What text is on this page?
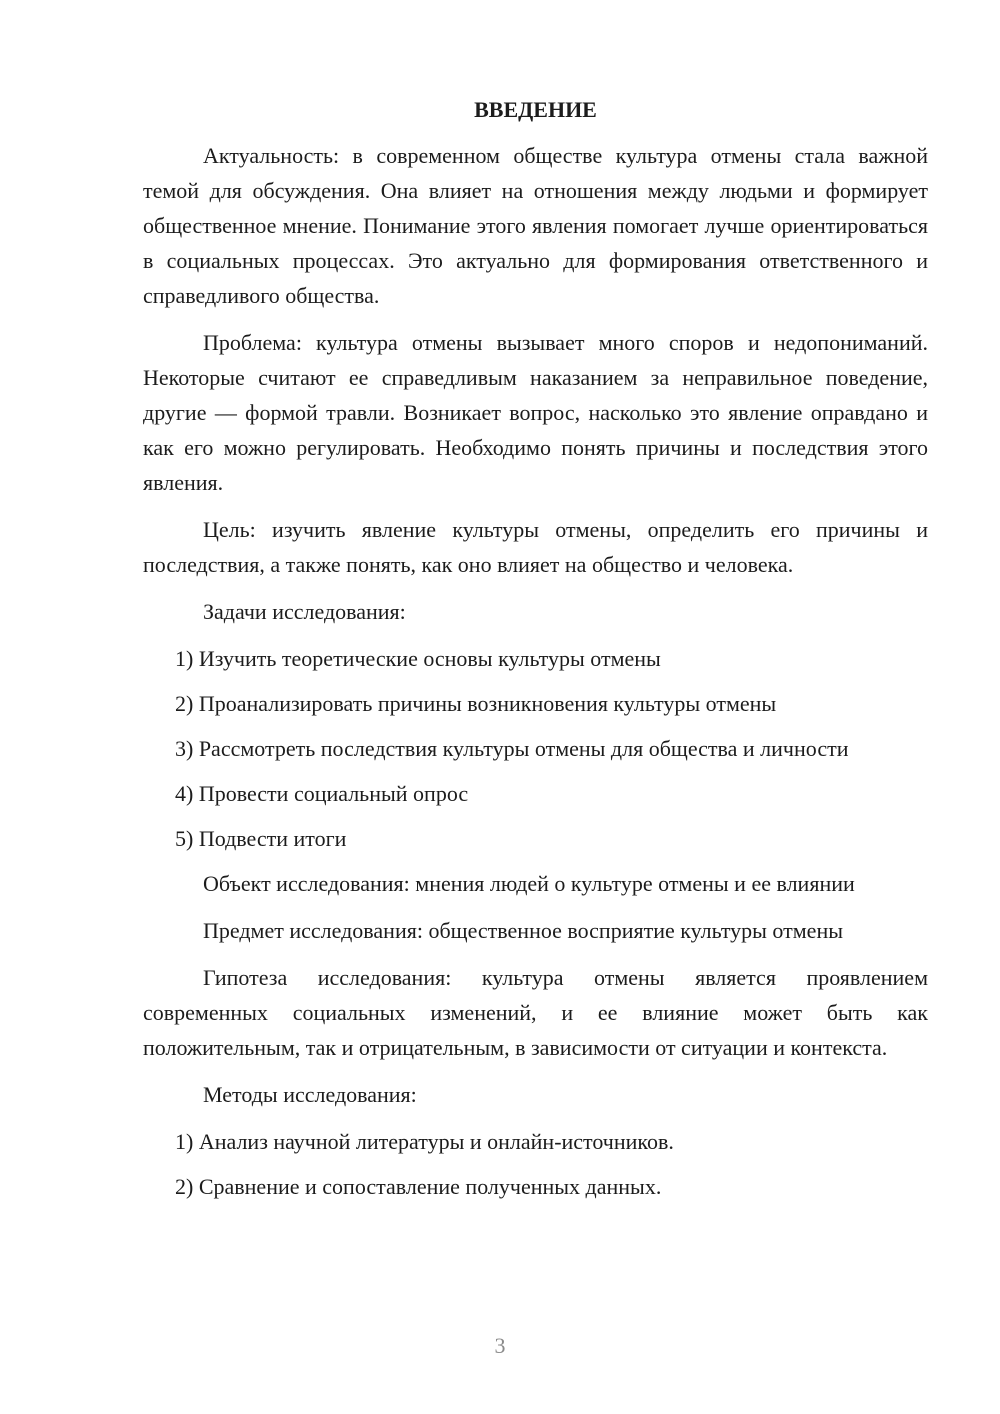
ВВЕДЕНИЕ

Актуальность: в современном обществе культура отмены стала важной темой для обсуждения. Она влияет на отношения между людьми и формирует общественное мнение. Понимание этого явления помогает лучше ориентироваться в социальных процессах. Это актуально для формирования ответственного и справедливого общества.

Проблема: культура отмены вызывает много споров и недопониманий. Некоторые считают ее справедливым наказанием за неправильное поведение, другие — формой травли. Возникает вопрос, насколько это явление оправдано и как его можно регулировать. Необходимо понять причины и последствия этого явления.

Цель: изучить явление культуры отмены, определить его причины и последствия, а также понять, как оно влияет на общество и человека.

Задачи исследования:

1) Изучить теоретические основы культуры отмены

2) Проанализировать причины возникновения культуры отмены

3) Рассмотреть последствия культуры отмены для общества и личности

4) Провести социальный опрос

5) Подвести итоги

Объект исследования: мнения людей о культуре отмены и ее влиянии

Предмет исследования: общественное восприятие культуры отмены

Гипотеза исследования: культура отмены является проявлением современных социальных изменений, и ее влияние может быть как положительным, так и отрицательным, в зависимости от ситуации и контекста.

Методы исследования:

1) Анализ научной литературы и онлайн-источников.

2) Сравнение и сопоставление полученных данных.

3
